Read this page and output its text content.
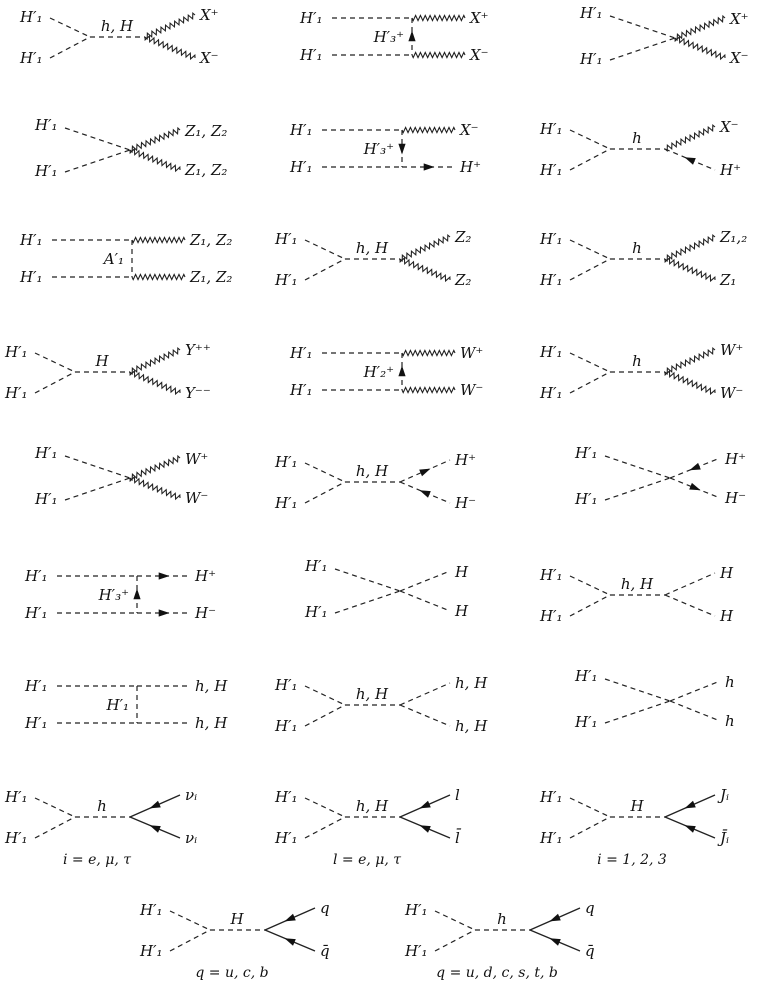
H′₁
H′₁
h, H
X⁺
X⁻
H′₁
H′₁
H′₃⁺
X⁺
X⁻
H′₁
H′₁
X⁺
X⁻
H′₁
H′₁
Z₁, Z₂
Z₁, Z₂
H′₁
H′₁
H′₃⁺
X⁻
H⁺
H′₁
H′₁
h
X⁻
H⁺
H′₁
H′₁
A′₁
Z₁, Z₂
Z₁, Z₂
H′₁
H′₁
h, H
Z₂
Z₂
H′₁
H′₁
h
Z₁,₂
Z₁
H′₁
H′₁
H
Y⁺⁺
Y⁻⁻
H′₁
H′₁
H′₂⁺
W⁺
W⁻
H′₁
H′₁
h
W⁺
W⁻
H′₁
H′₁
W⁺
W⁻
H′₁
H′₁
h, H
H⁺
H⁻
H′₁
H′₁
H⁺
H⁻
H′₁
H′₁
H′₃⁺
H⁺
H⁻
H′₁
H′₁
H
H
H′₁
H′₁
h, H
H
H
H′₁
H′₁
H′₁
h, H
h, H
H′₁
H′₁
h, H
h, H
h, H
H′₁
H′₁
h
h
H′₁
H′₁
h
νᵢ
νᵢ
i = e, μ, τ
H′₁
H′₁
h, H
l
l̄
l = e, μ, τ
H′₁
H′₁
H
Jᵢ
J̄ᵢ
i = 1, 2, 3
H′₁
H′₁
H
q
q̄
q = u, c, b
H′₁
H′₁
h
q
q̄
q = u, d, c, s, t, b
